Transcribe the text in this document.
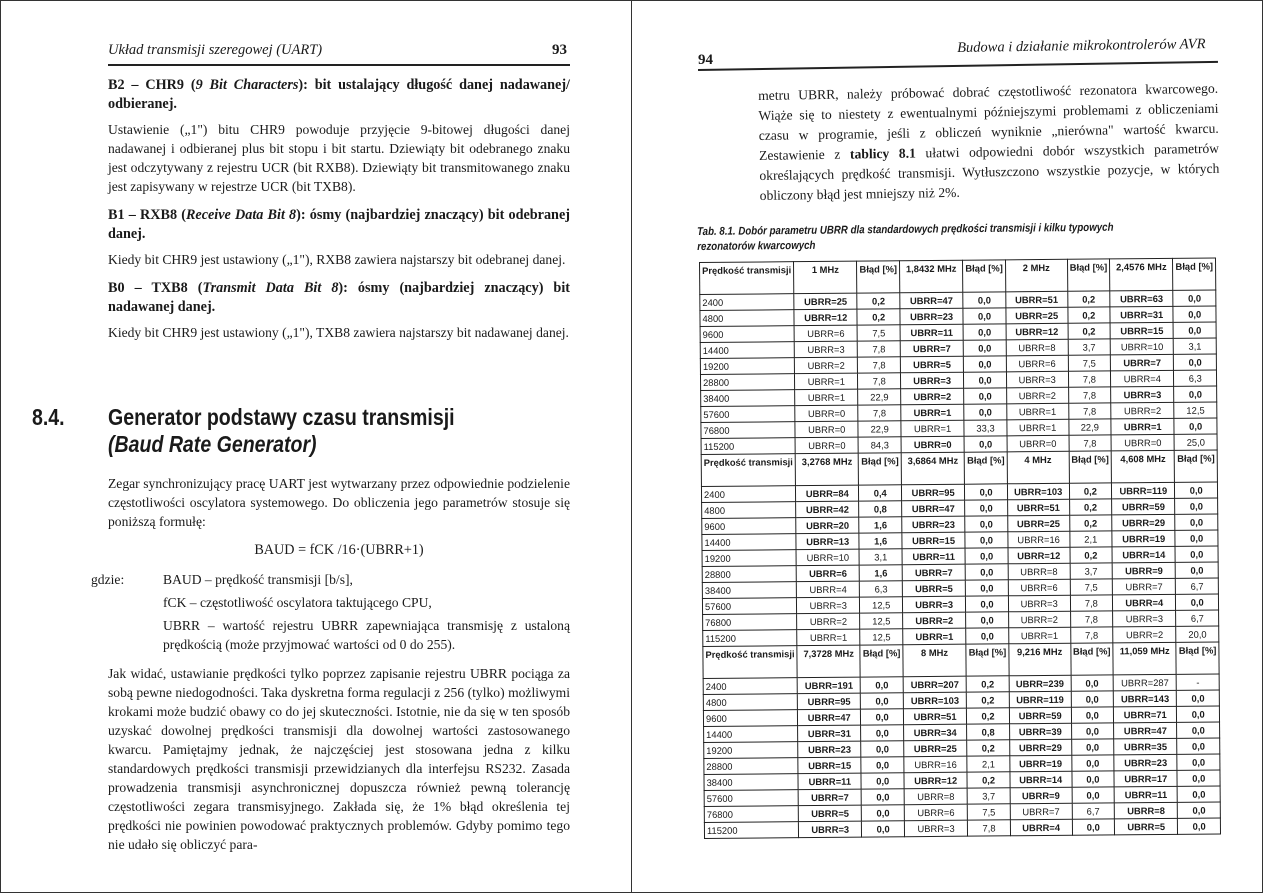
Układ transmisji szeregowej (UART)	93

B2 – CHR9 (9 Bit Characters): bit ustalający długość danej nadawanej/ odbieranej.

Ustawienie („1") bitu CHR9 powoduje przyjęcie 9-bitowej długości danej nadawanej i odbieranej plus bit stopu i bit startu. Dziewiąty bit odebranego znaku jest odczytywany z rejestru UCR (bit RXB8). Dziewiąty bit transmitowanego znaku jest zapisywany w rejestrze UCR (bit TXB8).

B1 – RXB8 (Receive Data Bit 8): ósmy (najbardziej znaczący) bit odebranej danej.

Kiedy bit CHR9 jest ustawiony („1"), RXB8 zawiera najstarszy bit odebranej danej.

B0 – TXB8 (Transmit Data Bit 8): ósmy (najbardziej znaczący) bit nadawanej danej.

Kiedy bit CHR9 jest ustawiony („1"), TXB8 zawiera najstarszy bit nadawanej danej.

8.4. Generator podstawy czasu transmisji
(Baud Rate Generator)

Zegar synchronizujący pracę UART jest wytwarzany przez odpowiednie podzielenie częstotliwości oscylatora systemowego. Do obliczenia jego parametrów stosuje się poniższą formułę:

BAUD = fCK /16·(UBRR+1)
gdzie:	BAUD – prędkość transmisji [b/s],
fCK – częstotliwość oscylatora taktującego CPU,
UBRR – wartość rejestru UBRR zapewniająca transmisję z ustaloną prędkością (może przyjmować wartości od 0 do 255).

Jak widać, ustawianie prędkości tylko poprzez zapisanie rejestru UBRR pociąga za sobą pewne niedogodności. Taka dyskretna forma regulacji z 256 (tylko) możliwymi krokami może budzić obawy co do jej skuteczności. Istotnie, nie da się w ten sposób uzyskać dowolnej prędkości transmisji dla dowolnej wartości zastosowanego kwarcu. Pamiętajmy jednak, że najczęściej jest stosowana jedna z kilku standardowych prędkości transmisji przewidzianych dla interfejsu RS232. Zasada prowadzenia transmisji asynchronicznej dopuszcza również pewną tolerancję częstotliwości zegara transmisyjnego. Zakłada się, że 1% błąd określenia tej prędkości nie powinien powodować praktycznych problemów. Gdyby pomimo tego nie udało się obliczyć para-

94
Budowa i działanie mikrokontrolerów AVR

metru UBRR, należy próbować dobrać częstotliwość rezonatora kwarcowego. Wiąże się to niestety z ewentualnymi późniejszymi problemami z obliczeniami czasu w programie, jeśli z obliczeń wyniknie „nierówna" wartość kwarcu. Zestawienie z tablicy 8.1 ułatwi odpowiedni dobór wszystkich parametrów określających prędkość transmisji. Wytłuszczono wszystkie pozycje, w których obliczony błąd jest mniejszy niż 2%.

Tab. 8.1. Dobór parametru UBRR dla standardowych prędkości transmisji i kilku typowych rezonatorów kwarcowych
Prędkość transmisji	1 MHz	Błąd [%]	1,8432 MHz	Błąd [%]	2 MHz	Błąd [%]	2,4576 MHz	Błąd [%]
2400	UBRR=25	0,2	UBRR=47	0,0	UBRR=51	0,2	UBRR=63	0,0
4800	UBRR=12	0,2	UBRR=23	0,0	UBRR=25	0,2	UBRR=31	0,0
9600	UBRR=6	7,5	UBRR=11	0,0	UBRR=12	0,2	UBRR=15	0,0
14400	UBRR=3	7,8	UBRR=7	0,0	UBRR=8	3,7	UBRR=10	3,1
19200	UBRR=2	7,8	UBRR=5	0,0	UBRR=6	7,5	UBRR=7	0,0
28800	UBRR=1	7,8	UBRR=3	0,0	UBRR=3	7,8	UBRR=4	6,3
38400	UBRR=1	22,9	UBRR=2	0,0	UBRR=2	7,8	UBRR=3	0,0
57600	UBRR=0	7,8	UBRR=1	0,0	UBRR=1	7,8	UBRR=2	12,5
76800	UBRR=0	22,9	UBRR=1	33,3	UBRR=1	22,9	UBRR=1	0,0
115200	UBRR=0	84,3	UBRR=0	0,0	UBRR=0	7,8	UBRR=0	25,0
Prędkość transmisji	3,2768 MHz	Błąd [%]	3,6864 MHz	Błąd [%]	4 MHz	Błąd [%]	4,608 MHz	Błąd [%]
2400	UBRR=84	0,4	UBRR=95	0,0	UBRR=103	0,2	UBRR=119	0,0
4800	UBRR=42	0,8	UBRR=47	0,0	UBRR=51	0,2	UBRR=59	0,0
9600	UBRR=20	1,6	UBRR=23	0,0	UBRR=25	0,2	UBRR=29	0,0
14400	UBRR=13	1,6	UBRR=15	0,0	UBRR=16	2,1	UBRR=19	0,0
19200	UBRR=10	3,1	UBRR=11	0,0	UBRR=12	0,2	UBRR=14	0,0
28800	UBRR=6	1,6	UBRR=7	0,0	UBRR=8	3,7	UBRR=9	0,0
38400	UBRR=4	6,3	UBRR=5	0,0	UBRR=6	7,5	UBRR=7	6,7
57600	UBRR=3	12,5	UBRR=3	0,0	UBRR=3	7,8	UBRR=4	0,0
76800	UBRR=2	12,5	UBRR=2	0,0	UBRR=2	7,8	UBRR=3	6,7
115200	UBRR=1	12,5	UBRR=1	0,0	UBRR=1	7,8	UBRR=2	20,0
Prędkość transmisji	7,3728 MHz	Błąd [%]	8 MHz	Błąd [%]	9,216 MHz	Błąd [%]	11,059 MHz	Błąd [%]
2400	UBRR=191	0,0	UBRR=207	0,2	UBRR=239	0,0	UBRR=287	-
4800	UBRR=95	0,0	UBRR=103	0,2	UBRR=119	0,0	UBRR=143	0,0
9600	UBRR=47	0,0	UBRR=51	0,2	UBRR=59	0,0	UBRR=71	0,0
14400	UBRR=31	0,0	UBRR=34	0,8	UBRR=39	0,0	UBRR=47	0,0
19200	UBRR=23	0,0	UBRR=25	0,2	UBRR=29	0,0	UBRR=35	0,0
28800	UBRR=15	0,0	UBRR=16	2,1	UBRR=19	0,0	UBRR=23	0,0
38400	UBRR=11	0,0	UBRR=12	0,2	UBRR=14	0,0	UBRR=17	0,0
57600	UBRR=7	0,0	UBRR=8	3,7	UBRR=9	0,0	UBRR=11	0,0
76800	UBRR=5	0,0	UBRR=6	7,5	UBRR=7	6,7	UBRR=8	0,0
115200	UBRR=3	0,0	UBRR=3	7,8	UBRR=4	0,0	UBRR=5	0,0
